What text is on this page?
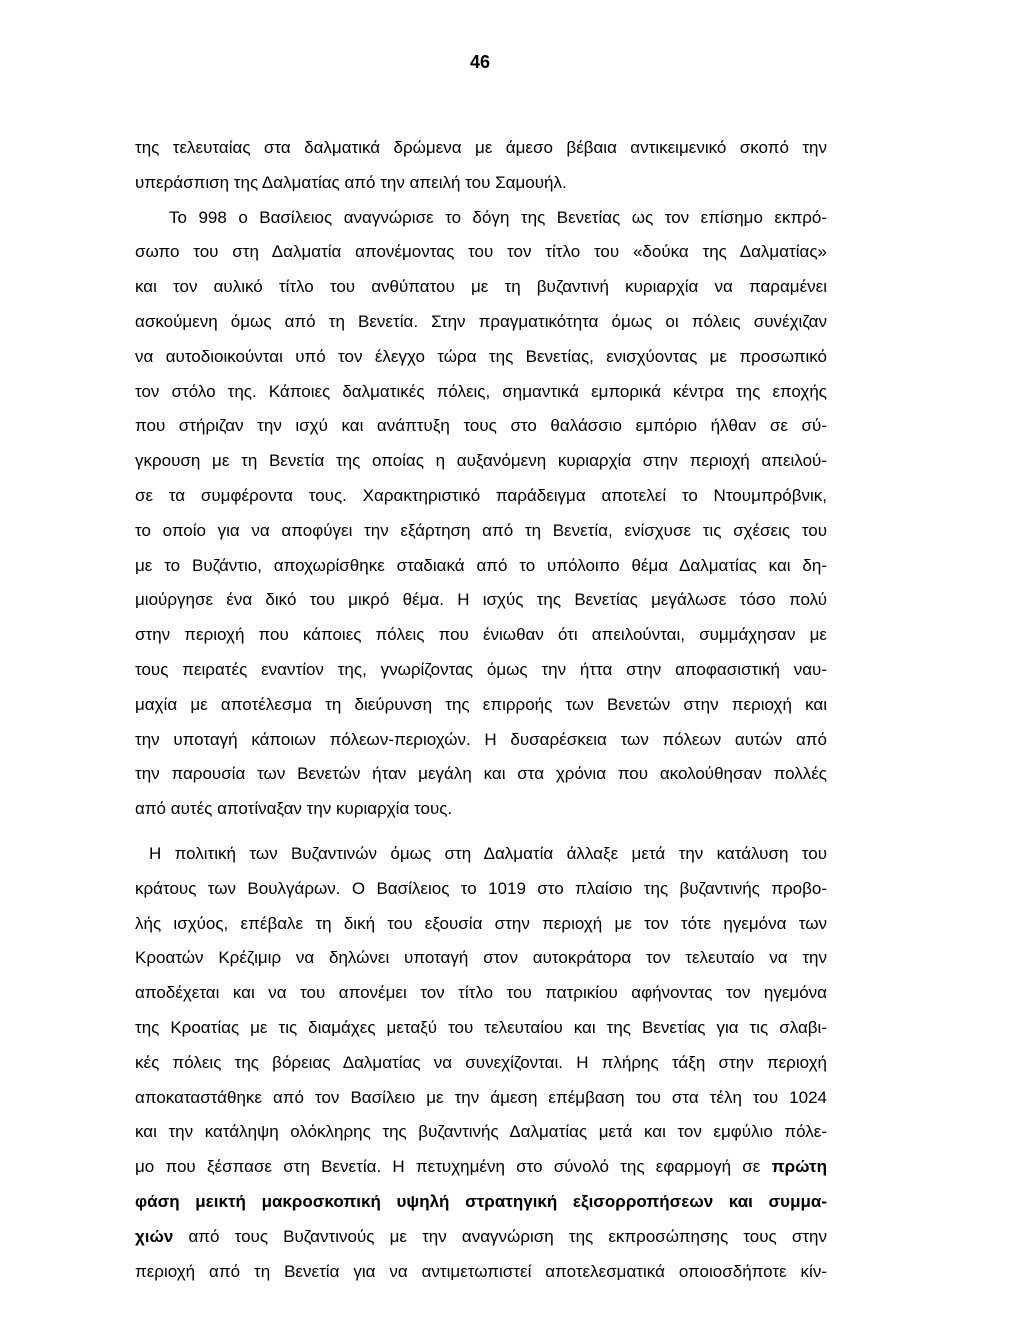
46
της τελευταίας στα δαλματικά δρώμενα με άμεσο βέβαια αντικειμενικό σκοπό την
υπεράσπιση της Δαλματίας από την απειλή του Σαμουήλ.
Το 998 ο Βασίλειος αναγνώρισε το δόγη της Βενετίας ως τον επίσημο εκπρό-
σωπο του στη Δαλματία απονέμοντας του τον τίτλο του «δούκα της Δαλματίας»
και τον αυλικό τίτλο του ανθύπατου με τη βυζαντινή κυριαρχία να παραμένει
ασκούμενη όμως από τη Βενετία. Στην πραγματικότητα όμως οι πόλεις συνέχιζαν
να αυτοδιοικούνται υπό τον έλεγχο τώρα της Βενετίας, ενισχύοντας με προσωπικό
τον στόλο της. Κάποιες δαλματικές πόλεις, σημαντικά εμπορικά κέντρα της εποχής
που στήριζαν την ισχύ και ανάπτυξη τους στο θαλάσσιο εμπόριο ήλθαν σε σύ-
γκρουση με τη Βενετία της οποίας η αυξανόμενη κυριαρχία στην περιοχή απειλού-
σε τα συμφέροντα τους. Χαρακτηριστικό παράδειγμα αποτελεί το Ντουμπρόβνικ,
το οποίο για να αποφύγει την εξάρτηση από τη Βενετία, ενίσχυσε τις σχέσεις του
με το Βυζάντιο, αποχωρίσθηκε σταδιακά από το υπόλοιπο θέμα Δαλματίας και δη-
μιούργησε ένα δικό του μικρό θέμα. Η ισχύς της Βενετίας μεγάλωσε τόσο πολύ
στην περιοχή που κάποιες πόλεις που ένιωθαν ότι απειλούνται, συμμάχησαν με
τους πειρατές εναντίον της, γνωρίζοντας όμως την ήττα στην αποφασιστική ναυ-
μαχία με αποτέλεσμα τη διεύρυνση της επιρροής των Βενετών στην περιοχή και
την υποταγή κάποιων πόλεων-περιοχών. Η δυσαρέσκεια των πόλεων αυτών από
την παρουσία των Βενετών ήταν μεγάλη και στα χρόνια που ακολούθησαν πολλές
από αυτές αποτίναξαν την κυριαρχία τους.
Η πολιτική των Βυζαντινών όμως στη Δαλματία άλλαξε μετά την κατάλυση του
κράτους των Βουλγάρων. Ο Βασίλειος το 1019 στο πλαίσιο της βυζαντινής προβο-
λής ισχύος, επέβαλε τη δική του εξουσία στην περιοχή με τον τότε ηγεμόνα των
Κροατών Κρέζιμιρ να δηλώνει υποταγή στον αυτοκράτορα τον τελευταίο να την
αποδέχεται και να του απονέμει τον τίτλο του πατρικίου αφήνοντας τον ηγεμόνα
της Κροατίας με τις διαμάχες μεταξύ του τελευταίου και της Βενετίας για τις σλαβι-
κές πόλεις της βόρειας Δαλματίας να συνεχίζονται. Η πλήρης τάξη στην περιοχή
αποκαταστάθηκε από τον Βασίλειο με την άμεση επέμβαση του στα τέλη του 1024
και την κατάληψη ολόκληρης της βυζαντινής Δαλματίας μετά και τον εμφύλιο πόλε-
μο που ξέσπασε στη Βενετία. Η πετυχημένη στο σύνολό της εφαρμογή σε πρώτη
φάση μεικτή μακροσκοπική υψηλή στρατηγική εξισορροπήσεων και συμμα-
χιών από τους Βυζαντινούς με την αναγνώριση της εκπροσώπησης τους στην
περιοχή από τη Βενετία για να αντιμετωπιστεί αποτελεσματικά οποιοσδήποτε κίν-
